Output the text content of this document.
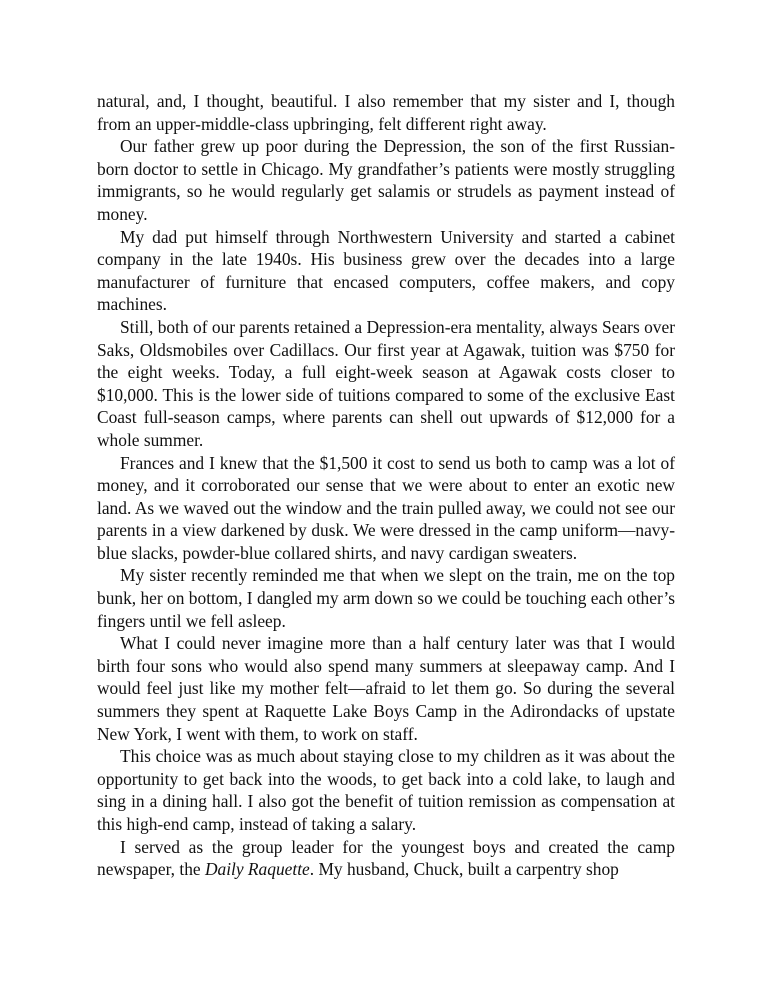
natural, and, I thought, beautiful. I also remember that my sister and I, though from an upper-middle-class upbringing, felt different right away.

Our father grew up poor during the Depression, the son of the first Russian-born doctor to settle in Chicago. My grandfather’s patients were mostly struggling immigrants, so he would regularly get salamis or strudels as payment instead of money.

My dad put himself through Northwestern University and started a cabinet company in the late 1940s. His business grew over the decades into a large manufacturer of furniture that encased computers, coffee makers, and copy machines.

Still, both of our parents retained a Depression-era mentality, always Sears over Saks, Oldsmobiles over Cadillacs. Our first year at Agawak, tuition was $750 for the eight weeks. Today, a full eight-week season at Agawak costs closer to $10,000. This is the lower side of tuitions compared to some of the exclusive East Coast full-season camps, where parents can shell out upwards of $12,000 for a whole summer.

Frances and I knew that the $1,500 it cost to send us both to camp was a lot of money, and it corroborated our sense that we were about to enter an exotic new land. As we waved out the window and the train pulled away, we could not see our parents in a view darkened by dusk. We were dressed in the camp uniform—navy-blue slacks, powder-blue collared shirts, and navy cardigan sweaters.

My sister recently reminded me that when we slept on the train, me on the top bunk, her on bottom, I dangled my arm down so we could be touching each other’s fingers until we fell asleep.

What I could never imagine more than a half century later was that I would birth four sons who would also spend many summers at sleepaway camp. And I would feel just like my mother felt—afraid to let them go. So during the several summers they spent at Raquette Lake Boys Camp in the Adirondacks of upstate New York, I went with them, to work on staff.

This choice was as much about staying close to my children as it was about the opportunity to get back into the woods, to get back into a cold lake, to laugh and sing in a dining hall. I also got the benefit of tuition remission as compensation at this high-end camp, instead of taking a salary.

I served as the group leader for the youngest boys and created the camp newspaper, the Daily Raquette. My husband, Chuck, built a carpentry shop
